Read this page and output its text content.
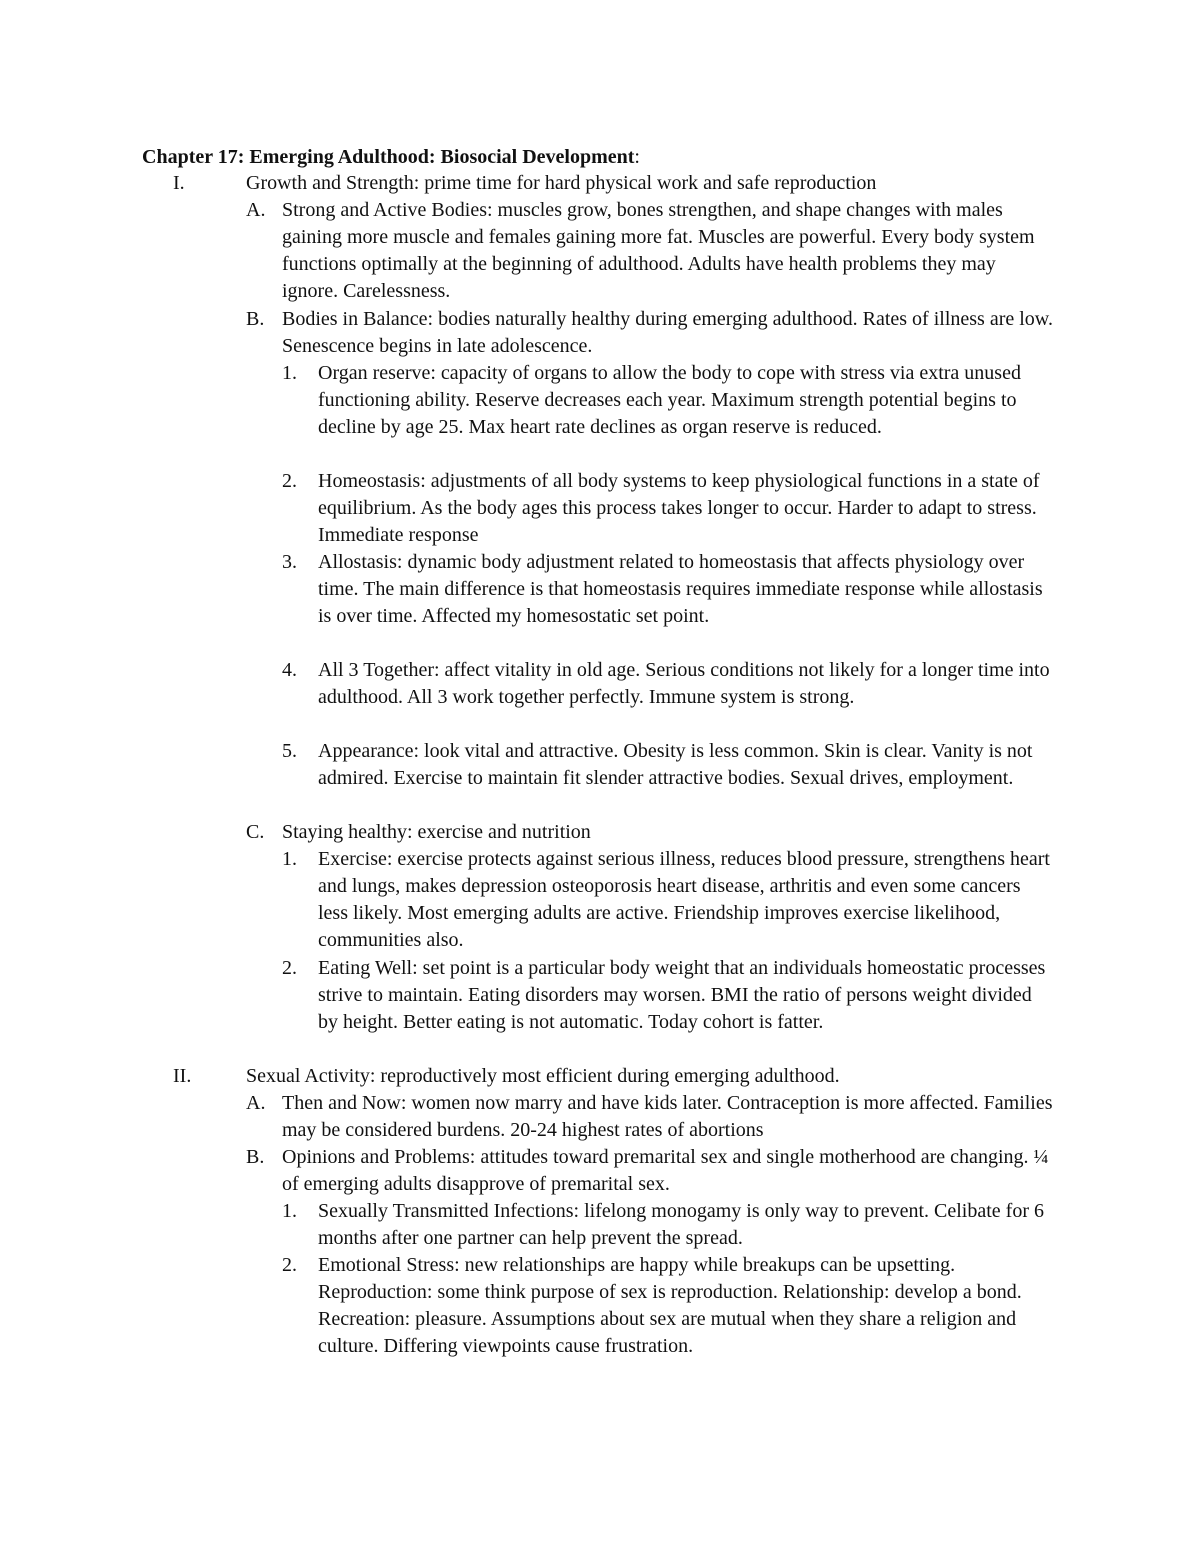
Chapter 17: Emerging Adulthood: Biosocial Development:
I.	Growth and Strength: prime time for hard physical work and safe reproduction
A. Strong and Active Bodies: muscles grow, bones strengthen, and shape changes with males gaining more muscle and females gaining more fat. Muscles are powerful. Every body system functions optimally at the beginning of adulthood. Adults have health problems they may ignore. Carelessness.
B. Bodies in Balance: bodies naturally healthy during emerging adulthood. Rates of illness are low. Senescence begins in late adolescence.
1. Organ reserve: capacity of organs to allow the body to cope with stress via extra unused functioning ability. Reserve decreases each year. Maximum strength potential begins to decline by age 25. Max heart rate declines as organ reserve is reduced.
2. Homeostasis: adjustments of all body systems to keep physiological functions in a state of equilibrium. As the body ages this process takes longer to occur. Harder to adapt to stress. Immediate response
3. Allostasis: dynamic body adjustment related to homeostasis that affects physiology over time. The main difference is that homeostasis requires immediate response while allostasis is over time. Affected my homesostatic set point.
4. All 3 Together: affect vitality in old age. Serious conditions not likely for a longer time into adulthood. All 3 work together perfectly. Immune system is strong.
5. Appearance: look vital and attractive. Obesity is less common. Skin is clear. Vanity is not admired. Exercise to maintain fit slender attractive bodies. Sexual drives, employment.
C. Staying healthy: exercise and nutrition
1. Exercise: exercise protects against serious illness, reduces blood pressure, strengthens heart and lungs, makes depression osteoporosis heart disease, arthritis and even some cancers less likely. Most emerging adults are active. Friendship improves exercise likelihood, communities also.
2. Eating Well: set point is a particular body weight that an individuals homeostatic processes strive to maintain. Eating disorders may worsen. BMI the ratio of persons weight divided by height. Better eating is not automatic. Today cohort is fatter.
II.	Sexual Activity: reproductively most efficient during emerging adulthood.
A. Then and Now: women now marry and have kids later. Contraception is more affected. Families may be considered burdens. 20-24 highest rates of abortions
B. Opinions and Problems: attitudes toward premarital sex and single motherhood are changing. ¼ of emerging adults disapprove of premarital sex.
1. Sexually Transmitted Infections: lifelong monogamy is only way to prevent. Celibate for 6 months after one partner can help prevent the spread.
2. Emotional Stress: new relationships are happy while breakups can be upsetting. Reproduction: some think purpose of sex is reproduction. Relationship: develop a bond. Recreation: pleasure. Assumptions about sex are mutual when they share a religion and culture. Differing viewpoints cause frustration.
